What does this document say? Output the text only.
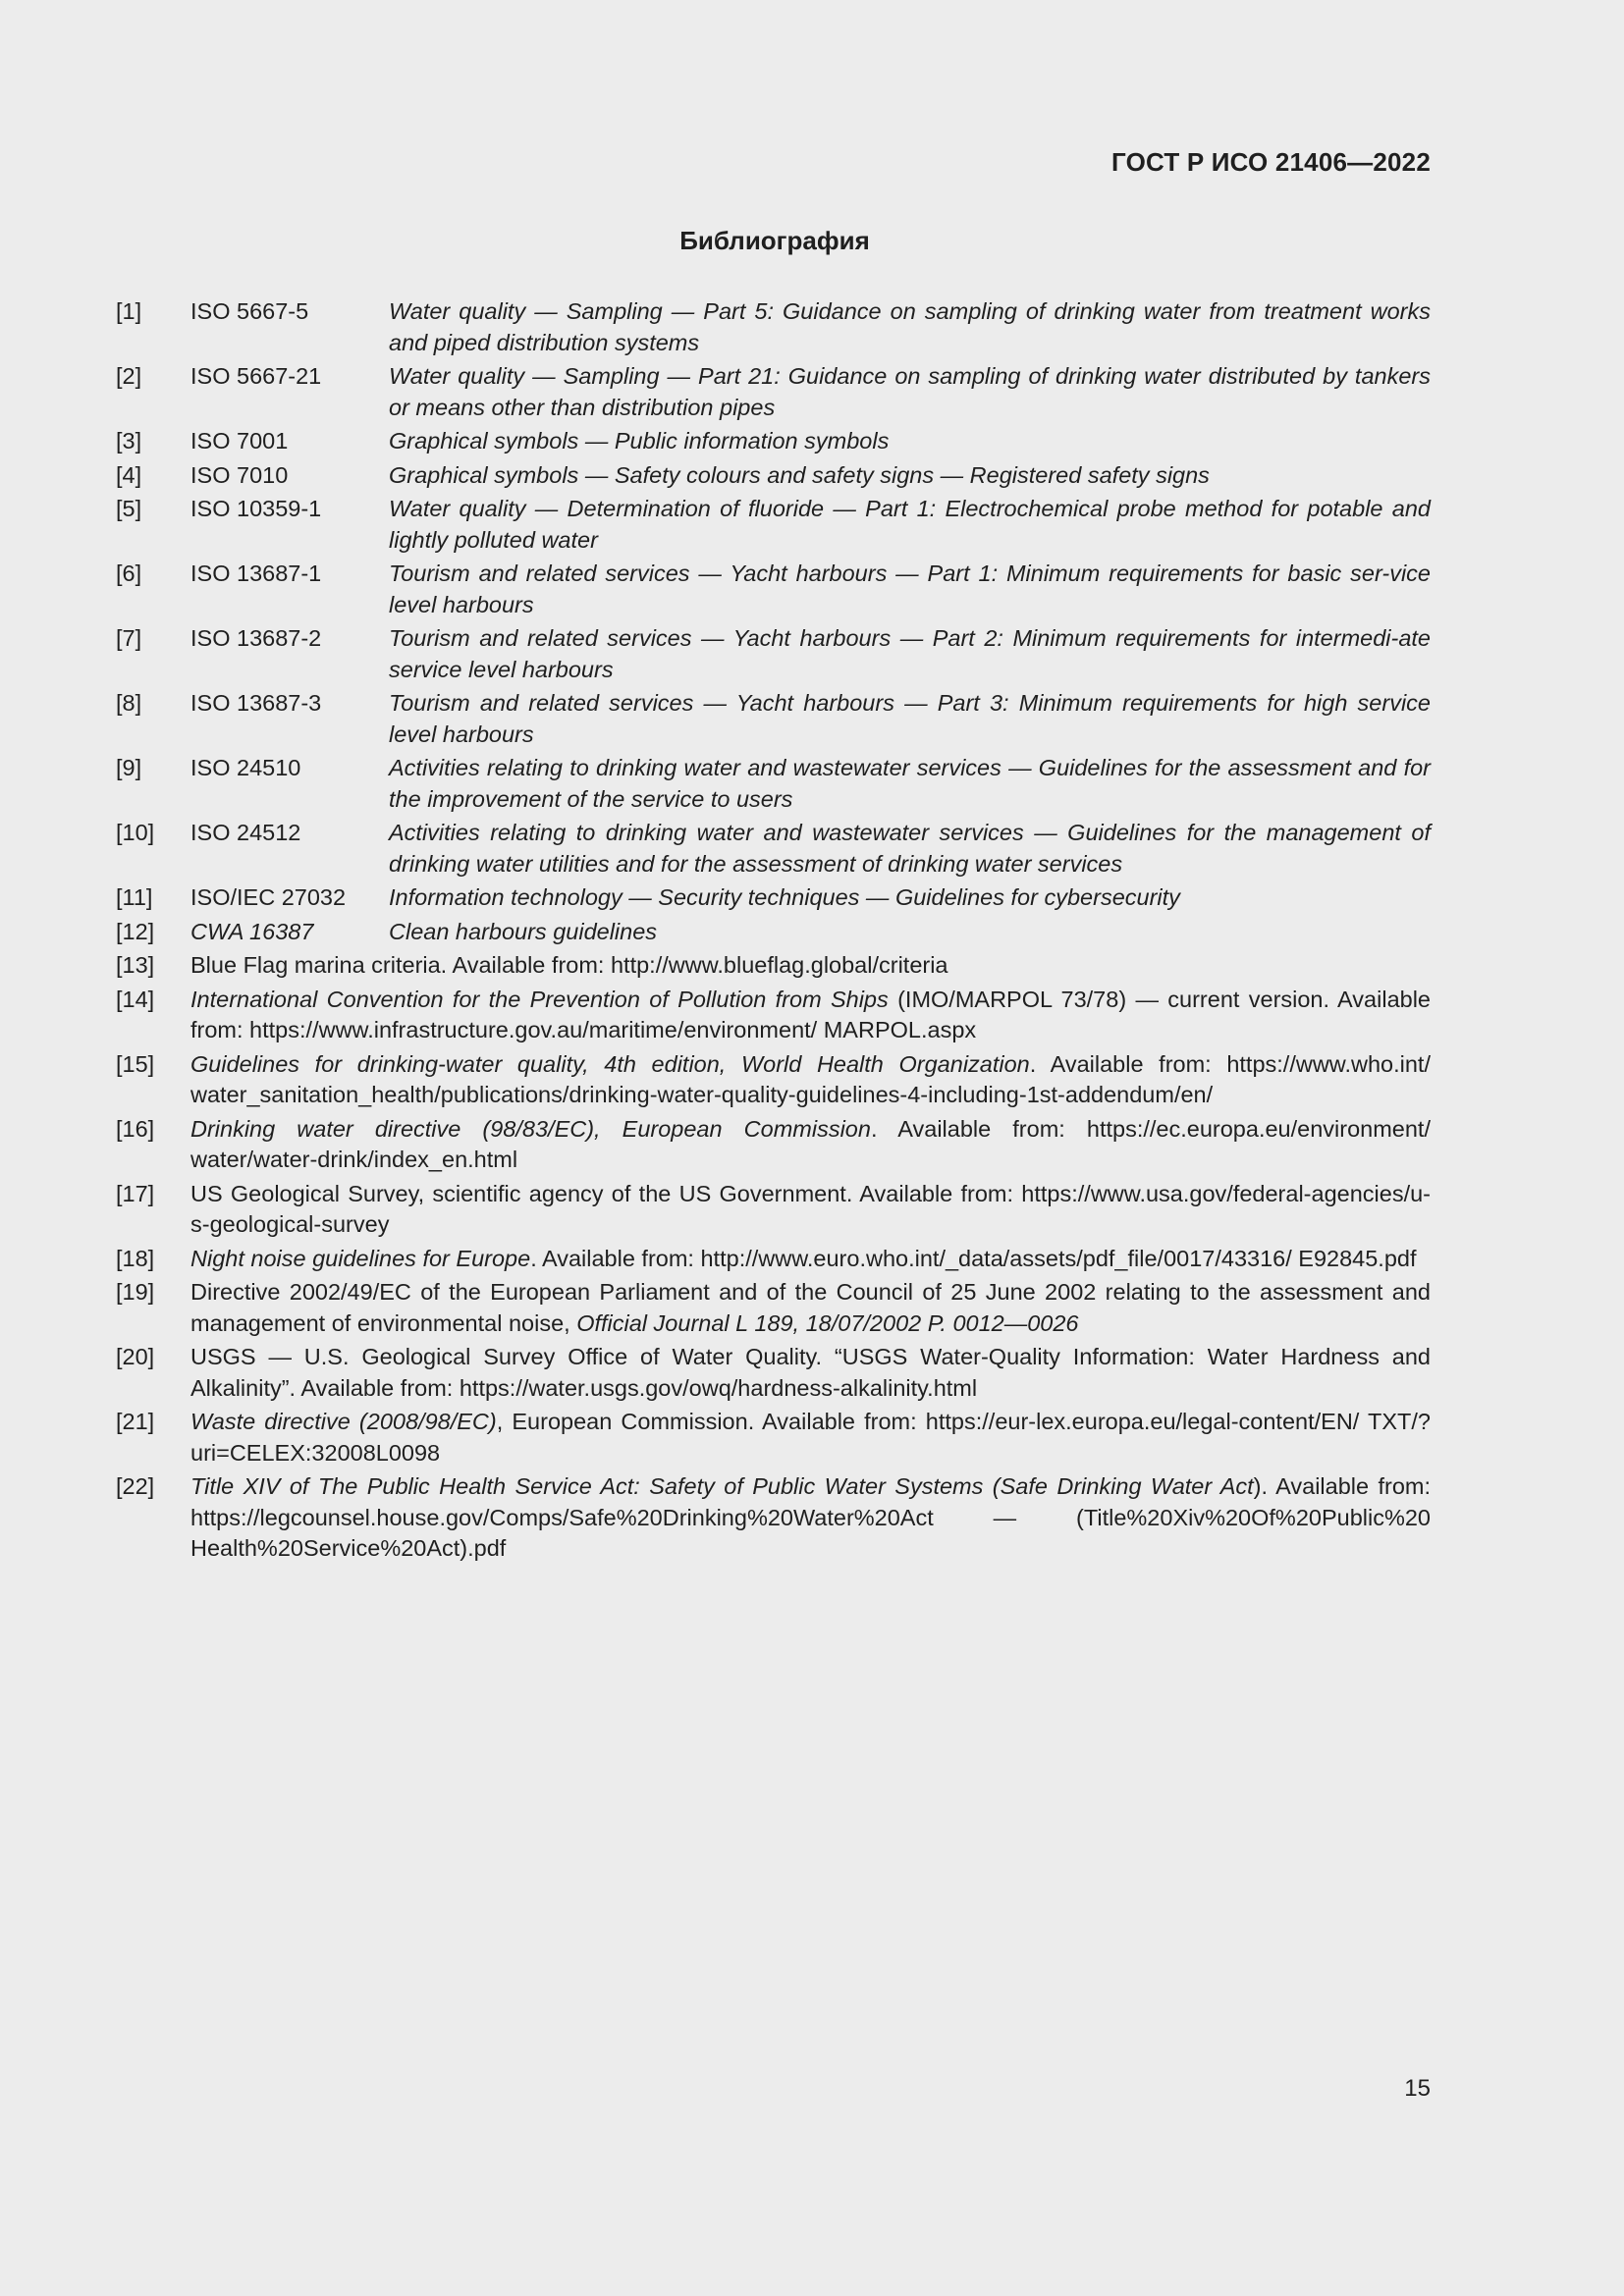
ГОСТ Р ИСО 21406—2022
Библиография
[1]	ISO 5667-5	Water quality — Sampling — Part 5: Guidance on sampling of drinking water from treatment works and piped distribution systems
[2]	ISO 5667-21	Water quality — Sampling — Part 21: Guidance on sampling of drinking water distributed by tankers or means other than distribution pipes
[3]	ISO 7001	Graphical symbols — Public information symbols
[4]	ISO 7010	Graphical symbols — Safety colours and safety signs — Registered safety signs
[5]	ISO 10359-1	Water quality — Determination of fluoride — Part 1: Electrochemical probe method for potable and lightly polluted water
[6]	ISO 13687-1	Tourism and related services — Yacht harbours — Part 1: Minimum requirements for basic ser-vice level harbours
[7]	ISO 13687-2	Tourism and related services — Yacht harbours — Part 2: Minimum requirements for intermedi-ate service level harbours
[8]	ISO 13687-3	Tourism and related services — Yacht harbours — Part 3: Minimum requirements for high service level harbours
[9]	ISO 24510	Activities relating to drinking water and wastewater services — Guidelines for the assessment and for the improvement of the service to users
[10]	ISO 24512	Activities relating to drinking water and wastewater services — Guidelines for the management of drinking water utilities and for the assessment of drinking water services
[11]	ISO/IEC 27032	Information technology — Security techniques — Guidelines for cybersecurity
[12]	CWA 16387	Clean harbours guidelines
[13]	Blue Flag marina criteria. Available from: http://www.blueflag.global/criteria
[14]	International Convention for the Prevention of Pollution from Ships (IMO/MARPOL 73/78) — current version. Available from: https://www.infrastructure.gov.au/maritime/environment/ MARPOL.aspx
[15]	Guidelines for drinking-water quality, 4th edition, World Health Organization. Available from: https://www.who.int/ water_sanitation_health/publications/drinking-water-quality-guidelines-4-including-1st-addendum/en/
[16]	Drinking water directive (98/83/EC), European Commission. Available from: https://ec.europa.eu/environment/ water/water-drink/index_en.html
[17]	US Geological Survey, scientific agency of the US Government. Available from: https://www.usa.gov/federal-agencies/u-s-geological-survey
[18]	Night noise guidelines for Europe. Available from: http://www.euro.who.int/_data/assets/pdf_file/0017/43316/ E92845.pdf
[19]	Directive 2002/49/EC of the European Parliament and of the Council of 25 June 2002 relating to the assessment and management of environmental noise, Official Journal L 189, 18/07/2002 P. 0012—0026
[20]	USGS — U.S. Geological Survey Office of Water Quality. “USGS Water-Quality Information: Water Hardness and Alkalinity”. Available from: https://water.usgs.gov/owq/hardness-alkalinity.html
[21]	Waste directive (2008/98/EC), European Commission. Available from: https://eur-lex.europa.eu/legal-content/EN/ TXT/?uri=CELEX:32008L0098
[22]	Title XIV of The Public Health Service Act: Safety of Public Water Systems (Safe Drinking Water Act). Available from: https://legcounsel.house.gov/Comps/Safe%20Drinking%20Water%20Act — (Title%20Xiv%20Of%20Public%20 Health%20Service%20Act).pdf
15
